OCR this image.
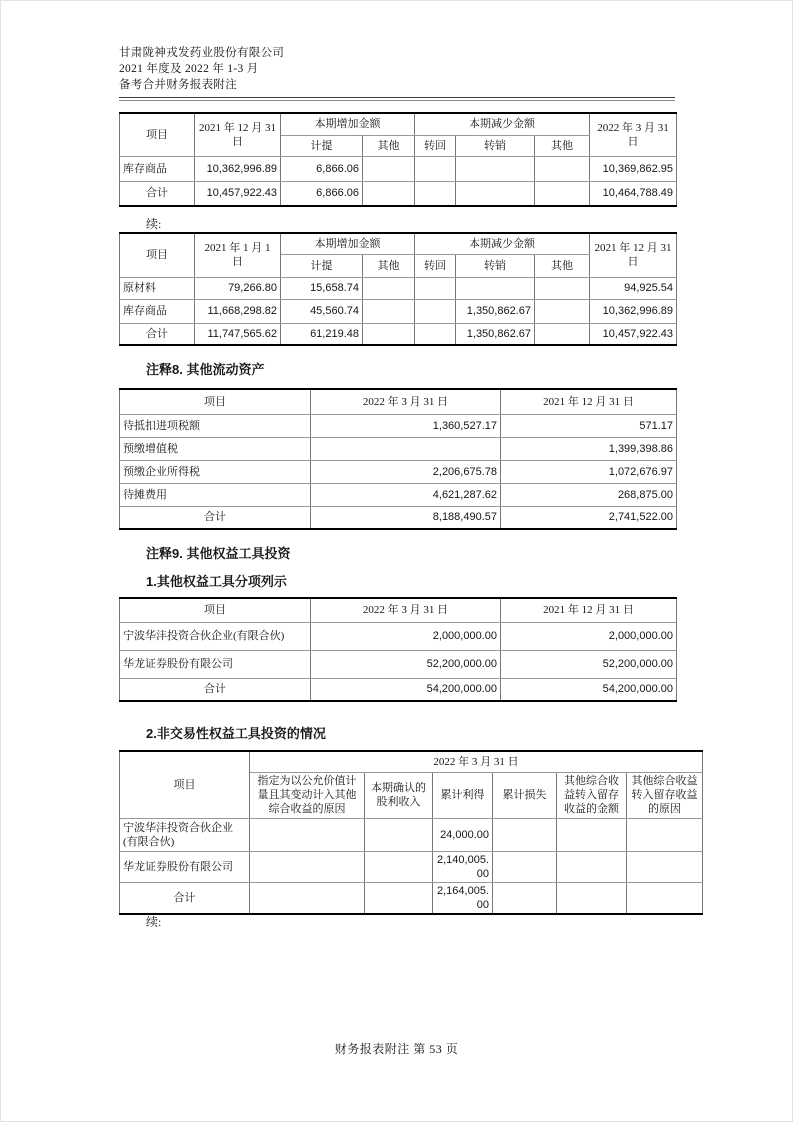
甘肃陇神戎发药业股份有限公司
2021 年度及 2022 年 1-3 月
备考合并财务报表附注
项目	2021 年 12 月 31 日	本期增加金额		本期减少金额			2022 年 3 月 31 日
		计提	其他	转回	转销	其他	
库存商品	10,362,996.89	6,866.06					10,369,862.95
合计	10,457,922.43	6,866.06					10,464,788.49
续:
项目	2021 年 1 月 1 日	本期增加金额		本期减少金额			2021 年 12 月 31 日
		计提	其他	转回	转销	其他	
原材料	79,266.80	15,658.74					94,925.54
库存商品	11,668,298.82	45,560.74			1,350,862.67		10,362,996.89
合计	11,747,565.62	61,219.48			1,350,862.67		10,457,922.43
注释8. 其他流动资产
项目	2022 年 3 月 31 日	2021 年 12 月 31 日
待抵扣进项税额	1,360,527.17	571.17
预缴增值税		1,399,398.86
预缴企业所得税	2,206,675.78	1,072,676.97
待摊费用	4,621,287.62	268,875.00
合计	8,188,490.57	2,741,522.00
注释9. 其他权益工具投资
1.其他权益工具分项列示
项目	2022 年 3 月 31 日	2021 年 12 月 31 日
宁波华沣投资合伙企业(有限合伙)	2,000,000.00	2,000,000.00
华龙证券股份有限公司	52,200,000.00	52,200,000.00
合计	54,200,000.00	54,200,000.00
2.非交易性权益工具投资的情况
项目	2022 年 3 月 31 日					
	指定为以公允价值计量且其变动计入其他综合收益的原因	本期确认的股利收入	累计利得	累计损失	其他综合收益转入留存收益的金额	其他综合收益转入留存收益的原因
宁波华沣投资合伙企业(有限合伙)			24,000.00			
华龙证券股份有限公司			2,140,005.00			
合计			2,164,005.00			
续:
财务报表附注 第 53 页
